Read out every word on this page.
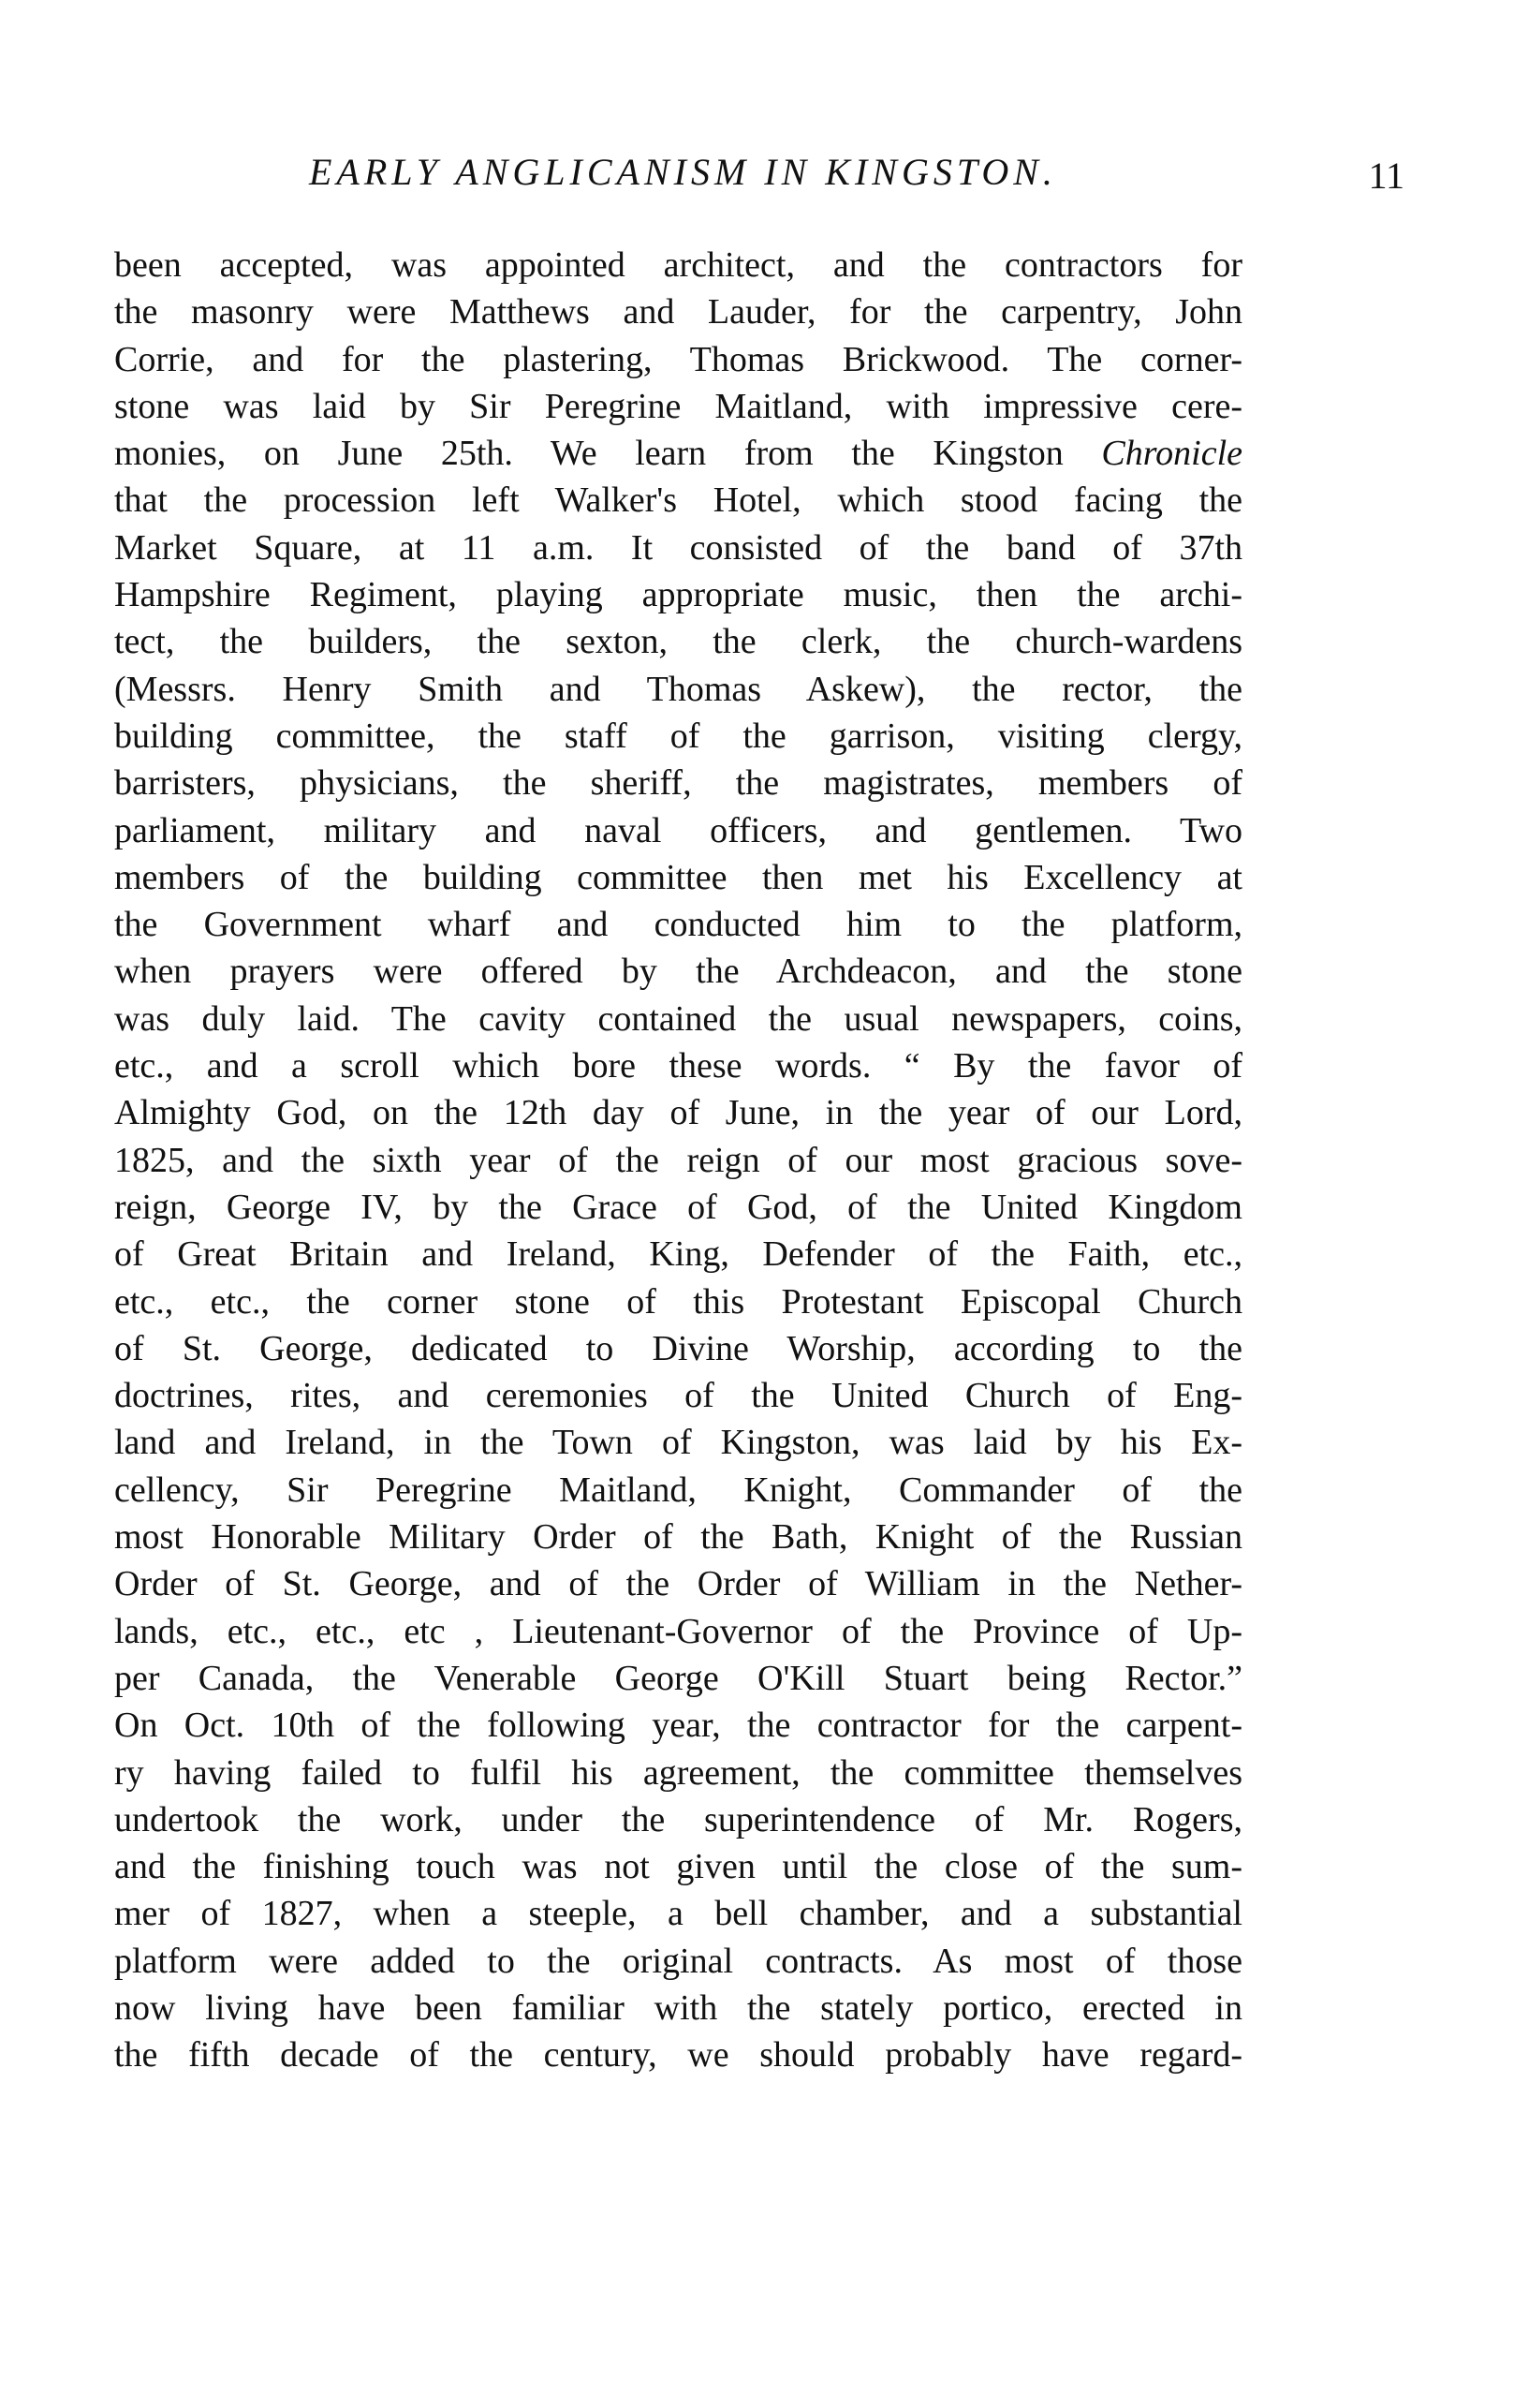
EARLY ANGLICANISM IN KINGSTON.	11
been accepted, was appointed architect, and the contractors for
the masonry were Matthews and Lauder, for the carpentry, John
Corrie, and for the plastering, Thomas Brickwood. The corner-
stone was laid by Sir Peregrine Maitland, with impressive cere-
monies, on June 25th. We learn from the Kingston Chronicle
that the procession left Walker's Hotel, which stood facing the
Market Square, at 11 a.m. It consisted of the band of 37th
Hampshire Regiment, playing appropriate music, then the archi-
tect, the builders, the sexton, the clerk, the church-wardens
(Messrs. Henry Smith and Thomas Askew), the rector, the
building committee, the staff of the garrison, visiting clergy,
barristers, physicians, the sheriff, the magistrates, members of
parliament, military and naval officers, and gentlemen. Two
members of the building committee then met his Excellency at
the Government wharf and conducted him to the platform,
when prayers were offered by the Archdeacon, and the stone
was duly laid. The cavity contained the usual newspapers, coins,
etc., and a scroll which bore these words. “ By the favor of
Almighty God, on the 12th day of June, in the year of our Lord,
1825, and the sixth year of the reign of our most gracious sove-
reign, George IV, by the Grace of God, of the United Kingdom
of Great Britain and Ireland, King, Defender of the Faith, etc.,
etc., etc., the corner stone of this Protestant Episcopal Church
of St. George, dedicated to Divine Worship, according to the
doctrines, rites, and ceremonies of the United Church of Eng-
land and Ireland, in the Town of Kingston, was laid by his Ex-
cellency, Sir Peregrine Maitland, Knight, Commander of the
most Honorable Military Order of the Bath, Knight of the Russian
Order of St. George, and of the Order of William in the Nether-
lands, etc., etc., etc , Lieutenant-Governor of the Province of Up-
per Canada, the Venerable George O'Kill Stuart being Rector.”
On Oct. 10th of the following year, the contractor for the carpent-
ry having failed to fulfil his agreement, the committee themselves
undertook the work, under the superintendence of Mr. Rogers,
and the finishing touch was not given until the close of the sum-
mer of 1827, when a steeple, a bell chamber, and a substantial
platform were added to the original contracts. As most of those
now living have been familiar with the stately portico, erected in
the fifth decade of the century, we should probably have regard-
